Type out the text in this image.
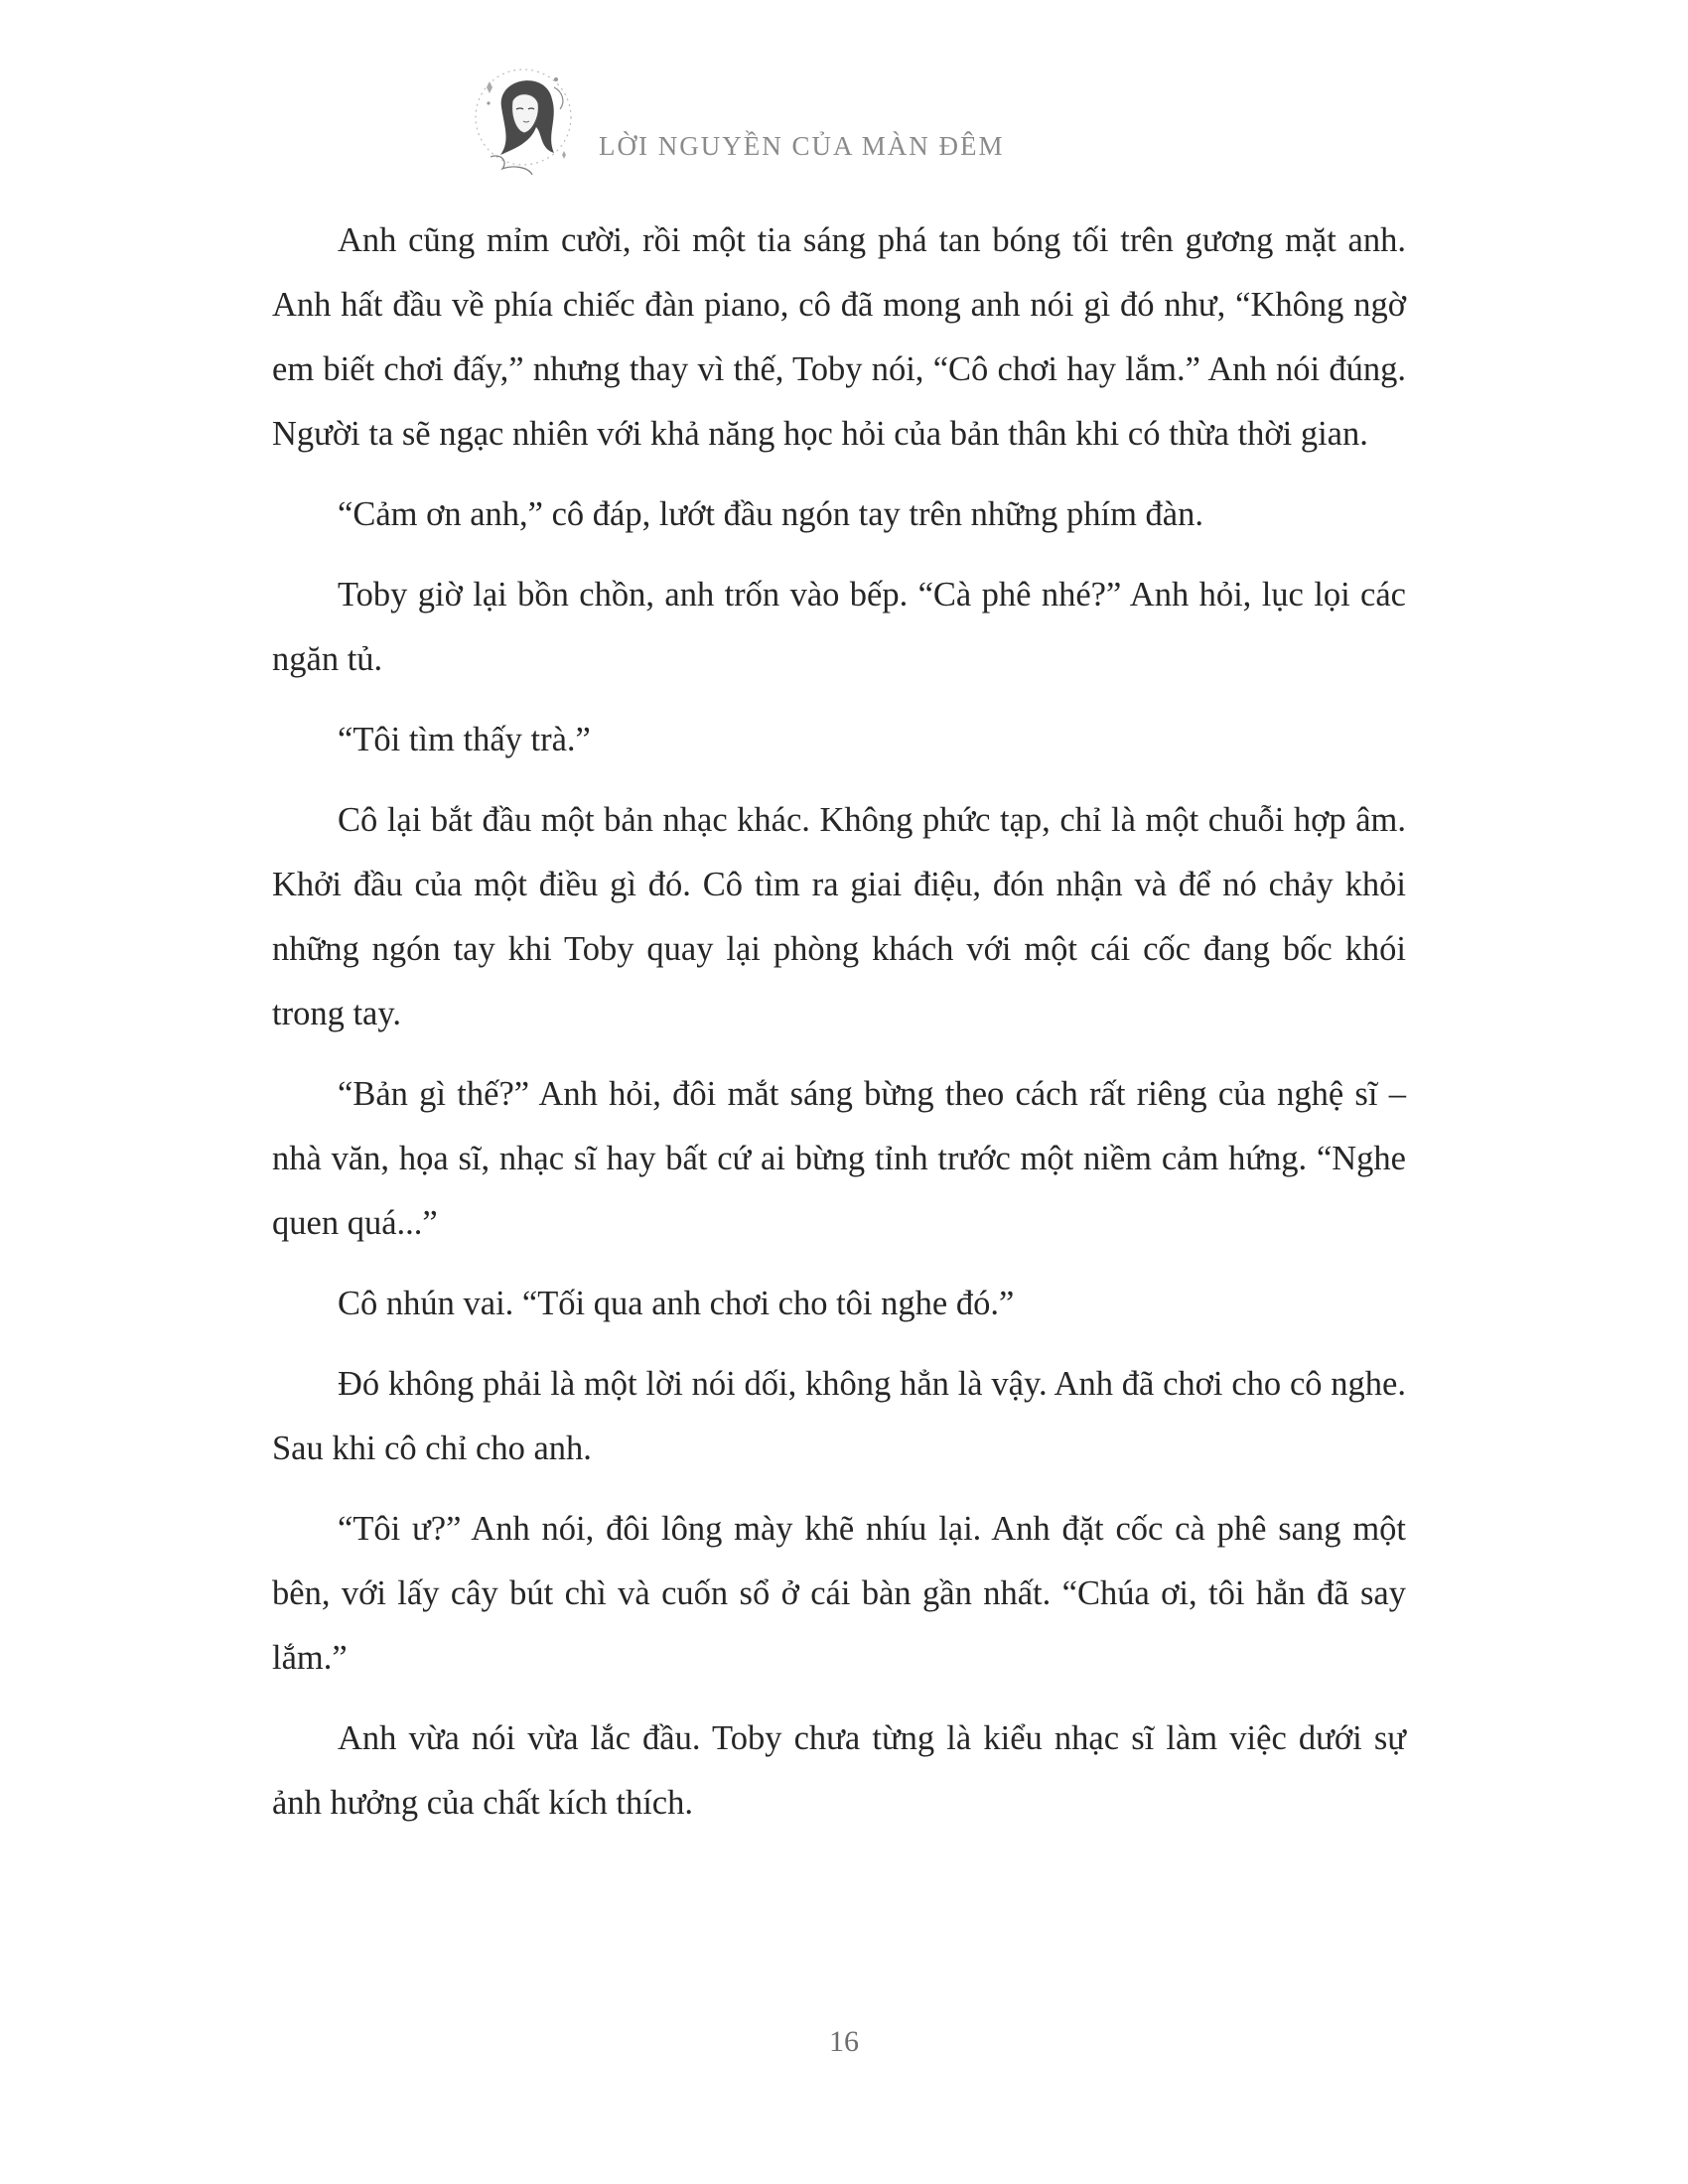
LỜI NGUYỀN CỦA MÀN ĐÊM

Anh cũng mỉm cười, rồi một tia sáng phá tan bóng tối trên gương mặt anh. Anh hất đầu về phía chiếc đàn piano, cô đã mong anh nói gì đó như, “Không ngờ em biết chơi đấy,” nhưng thay vì thế, Toby nói, “Cô chơi hay lắm.” Anh nói đúng. Người ta sẽ ngạc nhiên với khả năng học hỏi của bản thân khi có thừa thời gian.

“Cảm ơn anh,” cô đáp, lướt đầu ngón tay trên những phím đàn.

Toby giờ lại bồn chồn, anh trốn vào bếp. “Cà phê nhé?” Anh hỏi, lục lọi các ngăn tủ.

“Tôi tìm thấy trà.”

Cô lại bắt đầu một bản nhạc khác. Không phức tạp, chỉ là một chuỗi hợp âm. Khởi đầu của một điều gì đó. Cô tìm ra giai điệu, đón nhận và để nó chảy khỏi những ngón tay khi Toby quay lại phòng khách với một cái cốc đang bốc khói trong tay.

“Bản gì thế?” Anh hỏi, đôi mắt sáng bừng theo cách rất riêng của nghệ sĩ – nhà văn, họa sĩ, nhạc sĩ hay bất cứ ai bừng tỉnh trước một niềm cảm hứng. “Nghe quen quá...”

Cô nhún vai. “Tối qua anh chơi cho tôi nghe đó.”

Đó không phải là một lời nói dối, không hẳn là vậy. Anh đã chơi cho cô nghe. Sau khi cô chỉ cho anh.

“Tôi ư?” Anh nói, đôi lông mày khẽ nhíu lại. Anh đặt cốc cà phê sang một bên, với lấy cây bút chì và cuốn sổ ở cái bàn gần nhất. “Chúa ơi, tôi hẳn đã say lắm.”

Anh vừa nói vừa lắc đầu. Toby chưa từng là kiểu nhạc sĩ làm việc dưới sự ảnh hưởng của chất kích thích.

16
